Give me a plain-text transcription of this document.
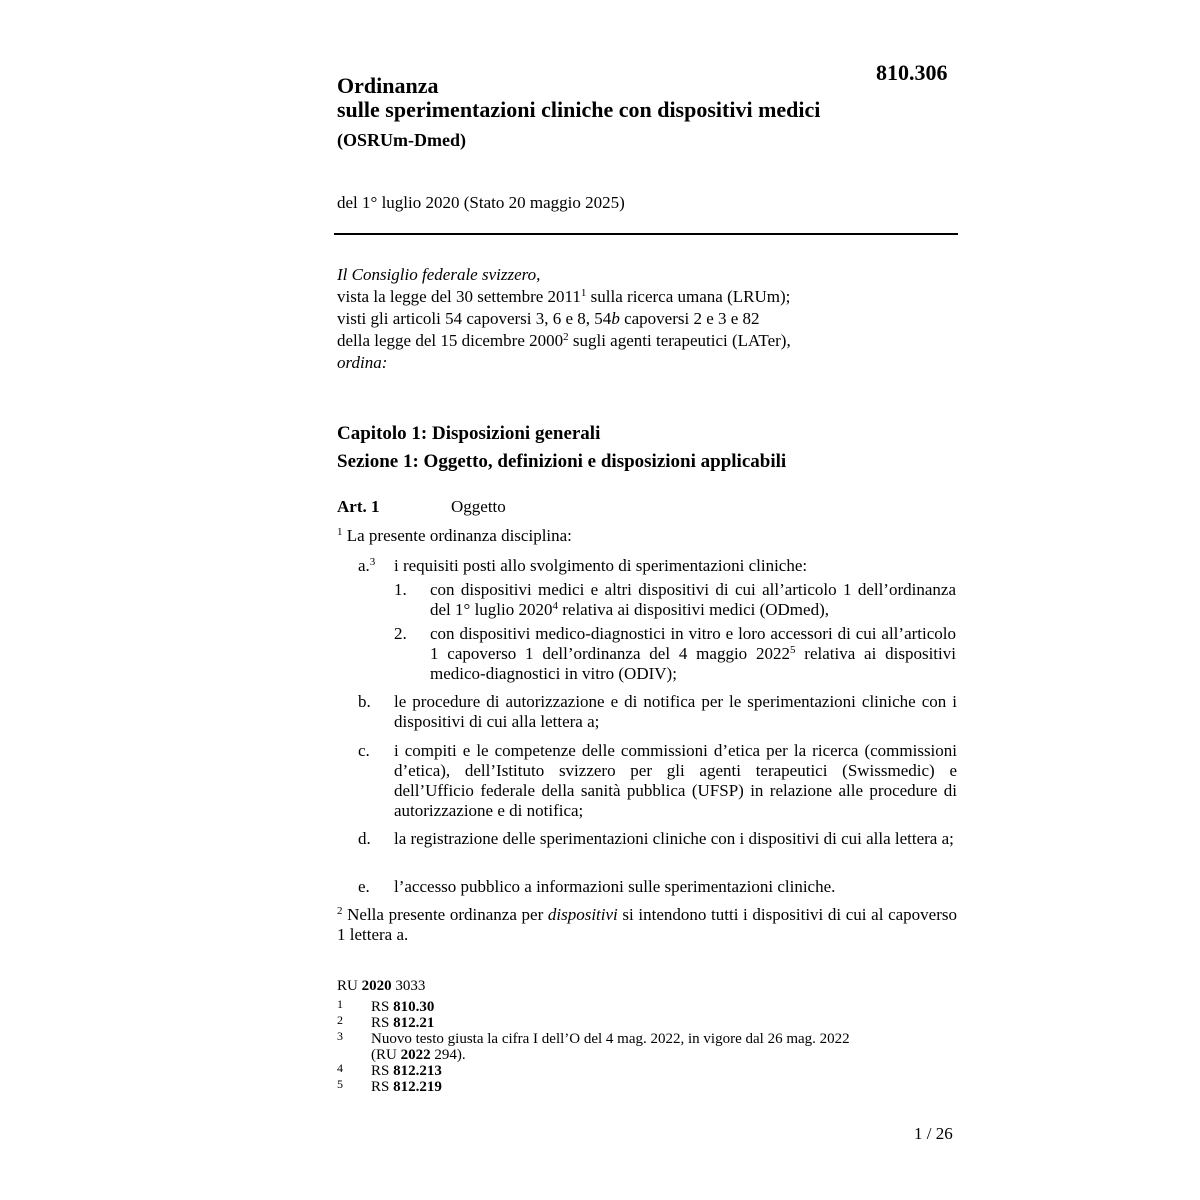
810.306
Ordinanza
sulle sperimentazioni cliniche con dispositivi medici
(OSRUm-Dmed)
del 1° luglio 2020 (Stato 20 maggio 2025)
Il Consiglio federale svizzero,
vista la legge del 30 settembre 2011$^1$ sulla ricerca umana (LRUm);
visti gli articoli 54 capoversi 3, 6 e 8, 54b capoversi 2 e 3 e 82
della legge del 15 dicembre 2000$^2$ sugli agenti terapeutici (LATer),
ordina:
Capitolo 1: Disposizioni generali
Sezione 1: Oggetto, definizioni e disposizioni applicabili
Art. 1	Oggetto
$^1$ La presente ordinanza disciplina:
a.$^3$ i requisiti posti allo svolgimento di sperimentazioni cliniche:
1. con dispositivi medici e altri dispositivi di cui all’articolo 1 dell’ordinanza del 1° luglio 2020$^4$ relativa ai dispositivi medici (ODmed),
2. con dispositivi medico-diagnostici in vitro e loro accessori di cui all’articolo 1 capoverso 1 dell’ordinanza del 4 maggio 2022$^5$ relativa ai dispositivi medico-diagnostici in vitro (ODIV);
b. le procedure di autorizzazione e di notifica per le sperimentazioni cliniche con i dispositivi di cui alla lettera a;
c. i compiti e le competenze delle commissioni d’etica per la ricerca (commissioni d’etica), dell’Istituto svizzero per gli agenti terapeutici (Swissmedic) e dell’Ufficio federale della sanità pubblica (UFSP) in relazione alle procedure di autorizzazione e di notifica;
d. la registrazione delle sperimentazioni cliniche con i dispositivi di cui alla lettera a;
e. l’accesso pubblico a informazioni sulle sperimentazioni cliniche.
$^2$ Nella presente ordinanza per dispositivi si intendono tutti i dispositivi di cui al capoverso 1 lettera a.
RU 2020 3033
1 RS 810.30
2 RS 812.21
3 Nuovo testo giusta la cifra I dell’O del 4 mag. 2022, in vigore dal 26 mag. 2022
(RU 2022 294).
4 RS 812.213
5 RS 812.219
1 / 26
